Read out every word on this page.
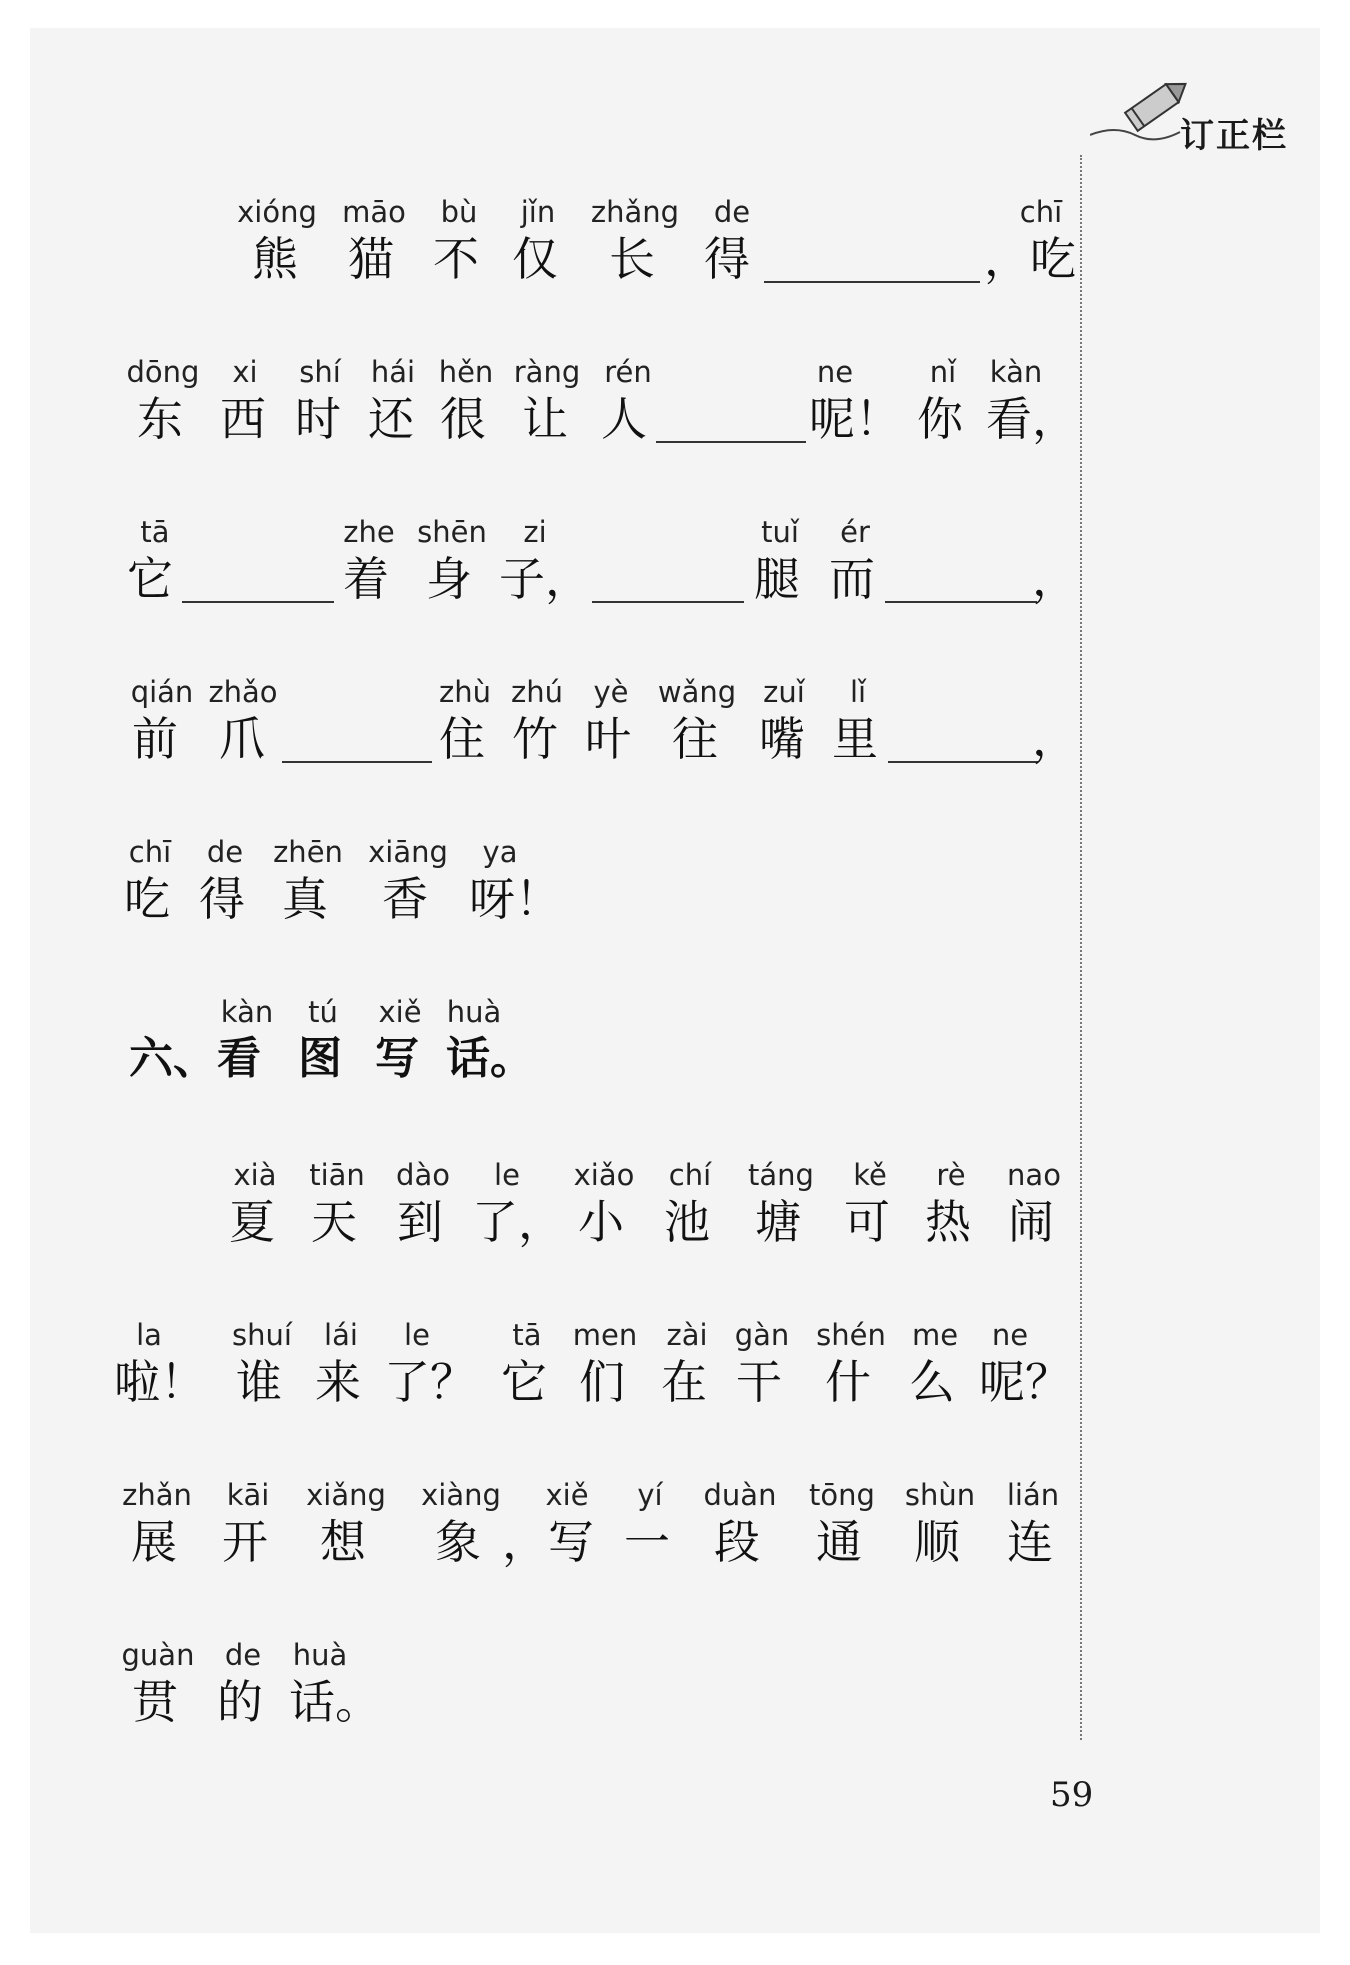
订正栏
xióng māo bù jǐn zhǎng de	chī
熊 猫 不 仅 长 得	，吃
dōng xi shí hái hěn ràng rén	ne	nǐ kàn
东 西 时 还 很 让 人	呢！ 你 看，
tā	zhe shēn zi	tuǐ ér
它	着 身 子，	腿 而	，
qián zhǎo	zhù zhú yè wǎng zuǐ lǐ
前 爪	住 竹 叶 往 嘴 里	，
chī de zhēn xiāng ya
吃 得 真 香 呀！
kàn tú xiě huà
六、看 图 写 话。
xià tiān dào le xiǎo chí táng kě rè nao
夏 天 到 了， 小 池 塘 可 热 闹
la shuí lái le	tā men zài gàn shén me ne
啦！ 谁 来 了？ 它 们 在 干 什 么 呢？
zhǎn kāi xiǎng xiàng xiě yí duàn tōng shùn lián
展 开 想 象 ，写 一 段 通 顺 连
guàn de huà
贯 的 话。
59
